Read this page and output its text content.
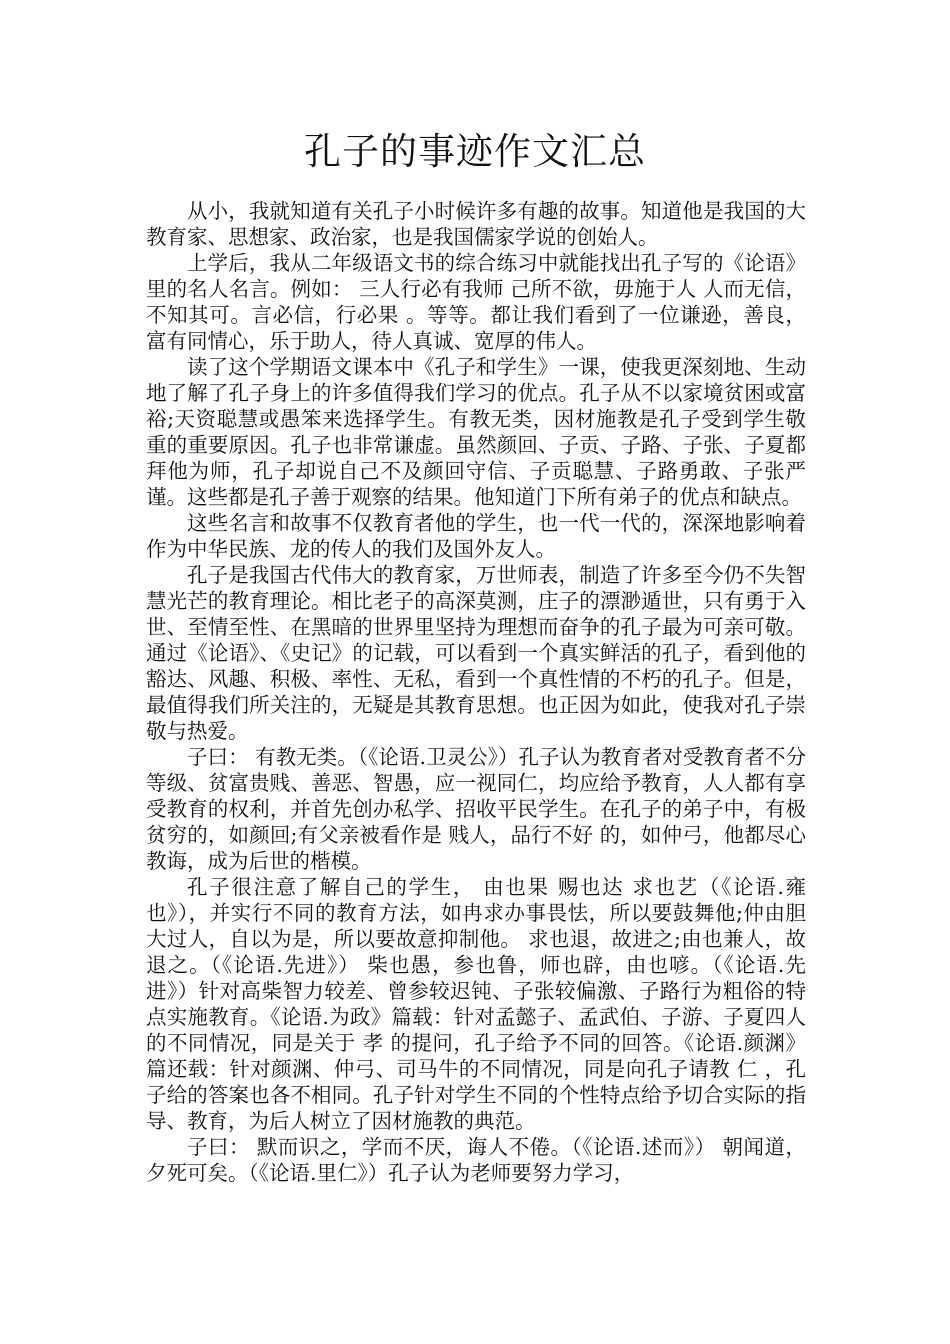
孔子的事迹作文汇总

从小，我就知道有关孔子小时候许多有趣的故事。知道他是我国的大教育家、思想家、政治家，也是我国儒家学说的创始人。

上学后，我从二年级语文书的综合练习中就能找出孔子写的《论语》里的名人名言。例如： 三人行必有我师 己所不欲，毋施于人 人而无信，不知其可。言必信，行必果 。等等。都让我们看到了一位谦逊，善良，富有同情心，乐于助人，待人真诚、宽厚的伟人。

读了这个学期语文课本中《孔子和学生》一课，使我更深刻地、生动地了解了孔子身上的许多值得我们学习的优点。孔子从不以家境贫困或富裕;天资聪慧或愚笨来选择学生。有教无类，因材施教是孔子受到学生敬重的重要原因。孔子也非常谦虚。虽然颜回、子贡、子路、子张、子夏都拜他为师，孔子却说自己不及颜回守信、子贡聪慧、子路勇敢、子张严谨。这些都是孔子善于观察的结果。他知道门下所有弟子的优点和缺点。

这些名言和故事不仅教育者他的学生，也一代一代的，深深地影响着作为中华民族、龙的传人的我们及国外友人。

孔子是我国古代伟大的教育家，万世师表，制造了许多至今仍不失智慧光芒的教育理论。相比老子的高深莫测，庄子的漂渺遁世，只有勇于入世、至情至性、在黑暗的世界里坚持为理想而奋争的孔子最为可亲可敬。通过《论语》、《史记》的记载，可以看到一个真实鲜活的孔子，看到他的豁达、风趣、积极、率性、无私，看到一个真性情的不朽的孔子。但是，最值得我们所关注的，无疑是其教育思想。也正因为如此，使我对孔子崇敬与热爱。

子曰： 有教无类。（《论语.卫灵公》）孔子认为教育者对受教育者不分等级、贫富贵贱、善恶、智愚，应一视同仁，均应给予教育，人人都有享受教育的权利，并首先创办私学、招收平民学生。在孔子的弟子中，有极贫穷的，如颜回;有父亲被看作是 贱人，品行不好 的，如仲弓，他都尽心教诲，成为后世的楷模。

孔子很注意了解自己的学生， 由也果 赐也达 求也艺（《论语.雍也》），并实行不同的教育方法，如冉求办事畏怯，所以要鼓舞他;仲由胆大过人，自以为是，所以要故意抑制他。 求也退，故进之;由也兼人，故退之。（《论语.先进》） 柴也愚，参也鲁，师也辟，由也喭。（《论语.先进》）针对高柴智力较差、曾参较迟钝、子张较偏激、子路行为粗俗的特点实施教育。《论语.为政》篇载：针对孟懿子、孟武伯、子游、子夏四人的不同情况，同是关于 孝 的提问，孔子给予不同的回答。《论语.颜渊》篇还载：针对颜渊、仲弓、司马牛的不同情况，同是向孔子请教 仁 ，孔子给的答案也各不相同。孔子针对学生不同的个性特点给予切合实际的指导、教育，为后人树立了因材施教的典范。

子曰： 默而识之，学而不厌，诲人不倦。（《论语.述而》） 朝闻道，夕死可矣。（《论语.里仁》）孔子认为老师要努力学习，
